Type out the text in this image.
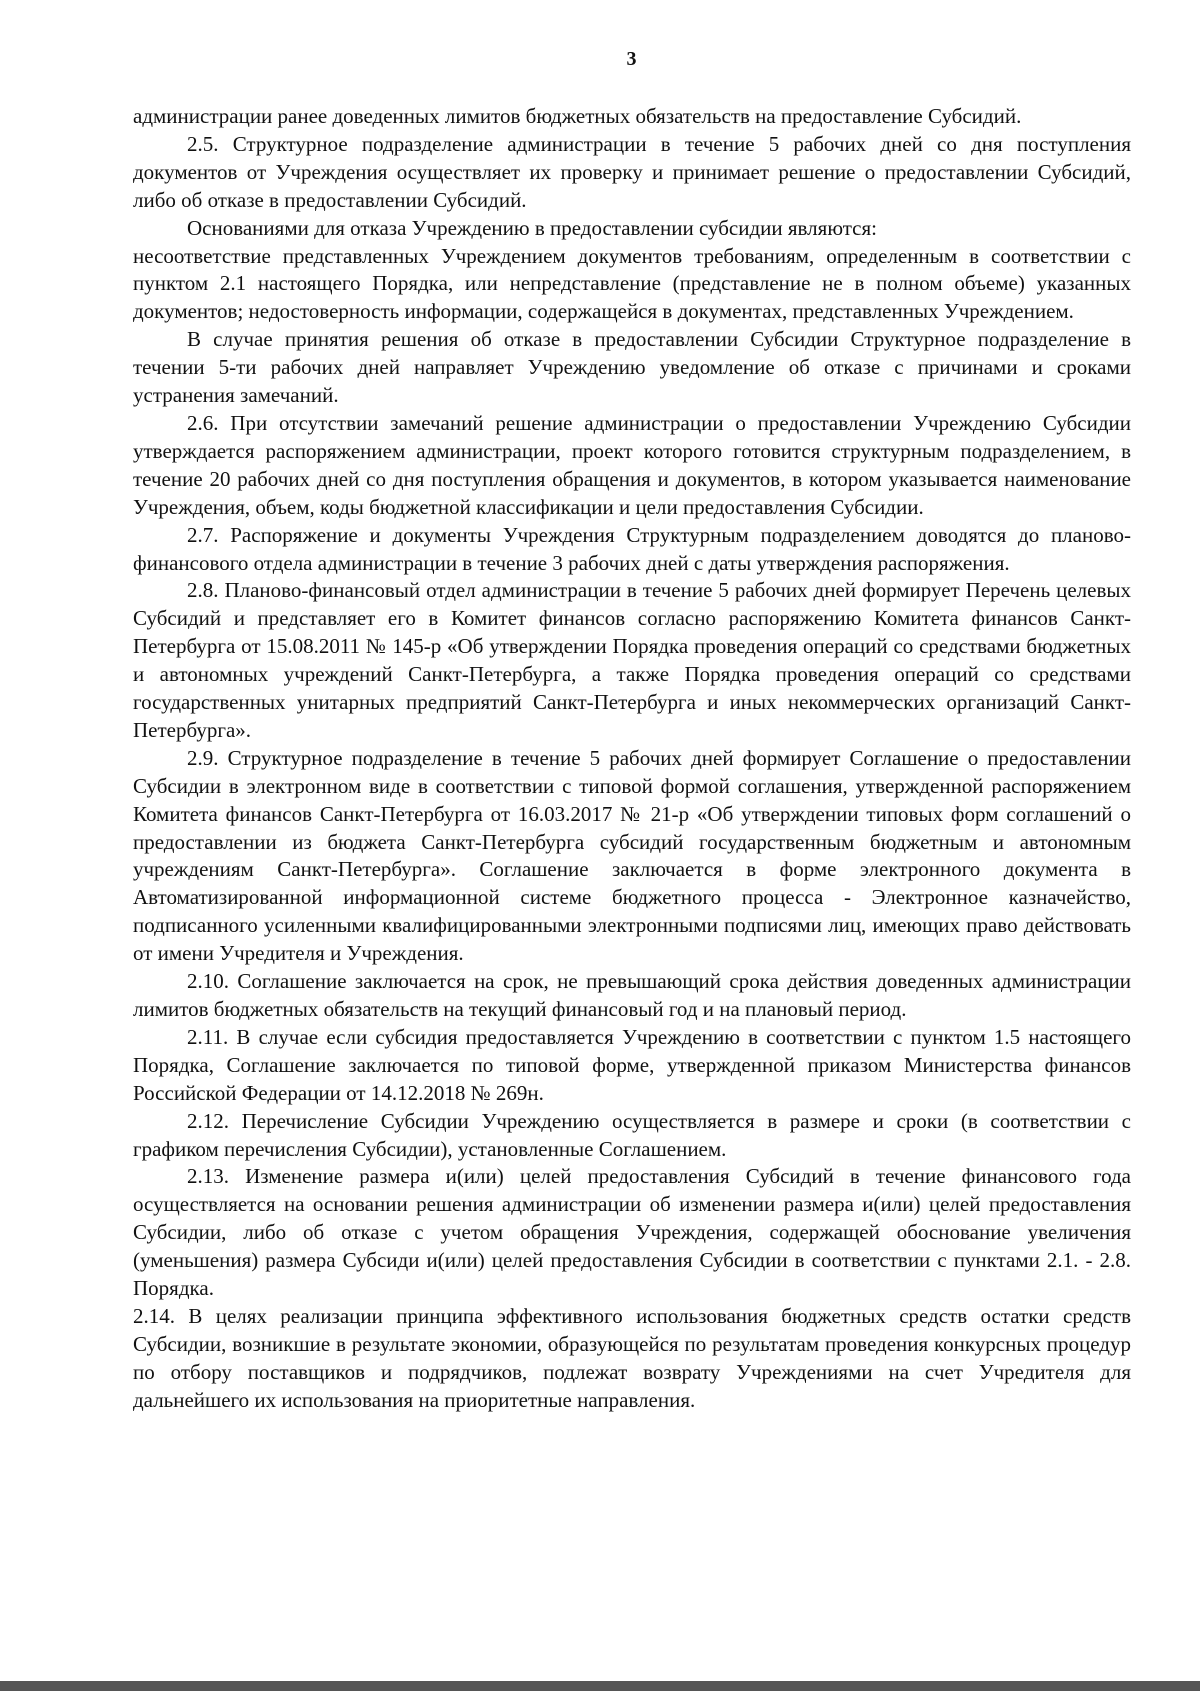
3

администрации ранее доведенных лимитов бюджетных обязательств на предоставление Субсидий.

2.5. Структурное подразделение администрации в течение 5 рабочих дней со дня поступления документов от Учреждения осуществляет их проверку и принимает решение о предоставлении Субсидий, либо об отказе в предоставлении Субсидий.

Основаниями для отказа Учреждению в предоставлении субсидии являются:

несоответствие представленных Учреждением документов требованиям, определенным в соответствии с пунктом 2.1 настоящего Порядка, или непредставление (представление не в полном объеме) указанных документов; недостоверность информации, содержащейся в документах, представленных Учреждением.

В случае принятия решения об отказе в предоставлении Субсидии Структурное подразделение в течении 5-ти рабочих дней направляет Учреждению уведомление об отказе с причинами и сроками устранения замечаний.

2.6. При отсутствии замечаний решение администрации о предоставлении Учреждению Субсидии утверждается распоряжением администрации, проект которого готовится структурным подразделением, в течение 20 рабочих дней со дня поступления обращения и документов, в котором указывается наименование Учреждения, объем, коды бюджетной классификации и цели предоставления Субсидии.

2.7. Распоряжение и документы Учреждения Структурным подразделением доводятся до планово-финансового отдела администрации в течение 3 рабочих дней с даты утверждения распоряжения.

2.8. Планово-финансовый отдел администрации в течение 5 рабочих дней формирует Перечень целевых Субсидий и представляет его в Комитет финансов согласно распоряжению Комитета финансов Санкт-Петербурга от 15.08.2011 № 145-р «Об утверждении Порядка проведения операций со средствами бюджетных и автономных учреждений Санкт-Петербурга, а также Порядка проведения операций со средствами государственных унитарных предприятий Санкт-Петербурга и иных некоммерческих организаций Санкт-Петербурга».

2.9. Структурное подразделение в течение 5 рабочих дней формирует Соглашение о предоставлении Субсидии в электронном виде в соответствии с типовой формой соглашения, утвержденной распоряжением Комитета финансов Санкт-Петербурга от 16.03.2017 № 21-р «Об утверждении типовых форм соглашений о предоставлении из бюджета Санкт-Петербурга субсидий государственным бюджетным и автономным учреждениям Санкт-Петербурга». Соглашение заключается в форме электронного документа в Автоматизированной информационной системе бюджетного процесса - Электронное казначейство, подписанного усиленными квалифицированными электронными подписями лиц, имеющих право действовать от имени Учредителя и Учреждения.

2.10. Соглашение заключается на срок, не превышающий срока действия доведенных администрации лимитов бюджетных обязательств на текущий финансовый год и на плановый период.

2.11. В случае если субсидия предоставляется Учреждению в соответствии с пунктом 1.5 настоящего Порядка, Соглашение заключается по типовой форме, утвержденной приказом Министерства финансов Российской Федерации от 14.12.2018 № 269н.

2.12. Перечисление Субсидии Учреждению осуществляется в размере и сроки (в соответствии с графиком перечисления Субсидии), установленные Соглашением.

2.13. Изменение размера и(или) целей предоставления Субсидий в течение финансового года осуществляется на основании решения администрации об изменении размера и(или) целей предоставления Субсидии, либо об отказе с учетом обращения Учреждения, содержащей обоснование увеличения (уменьшения) размера Субсиди и(или) целей предоставления Субсидии в соответствии с пунктами 2.1. - 2.8. Порядка.

2.14. В целях реализации принципа эффективного использования бюджетных средств остатки средств Субсидии, возникшие в результате экономии, образующейся по результатам проведения конкурсных процедур по отбору поставщиков и подрядчиков, подлежат возврату Учреждениями на счет Учредителя для дальнейшего их использования на приоритетные направления.
